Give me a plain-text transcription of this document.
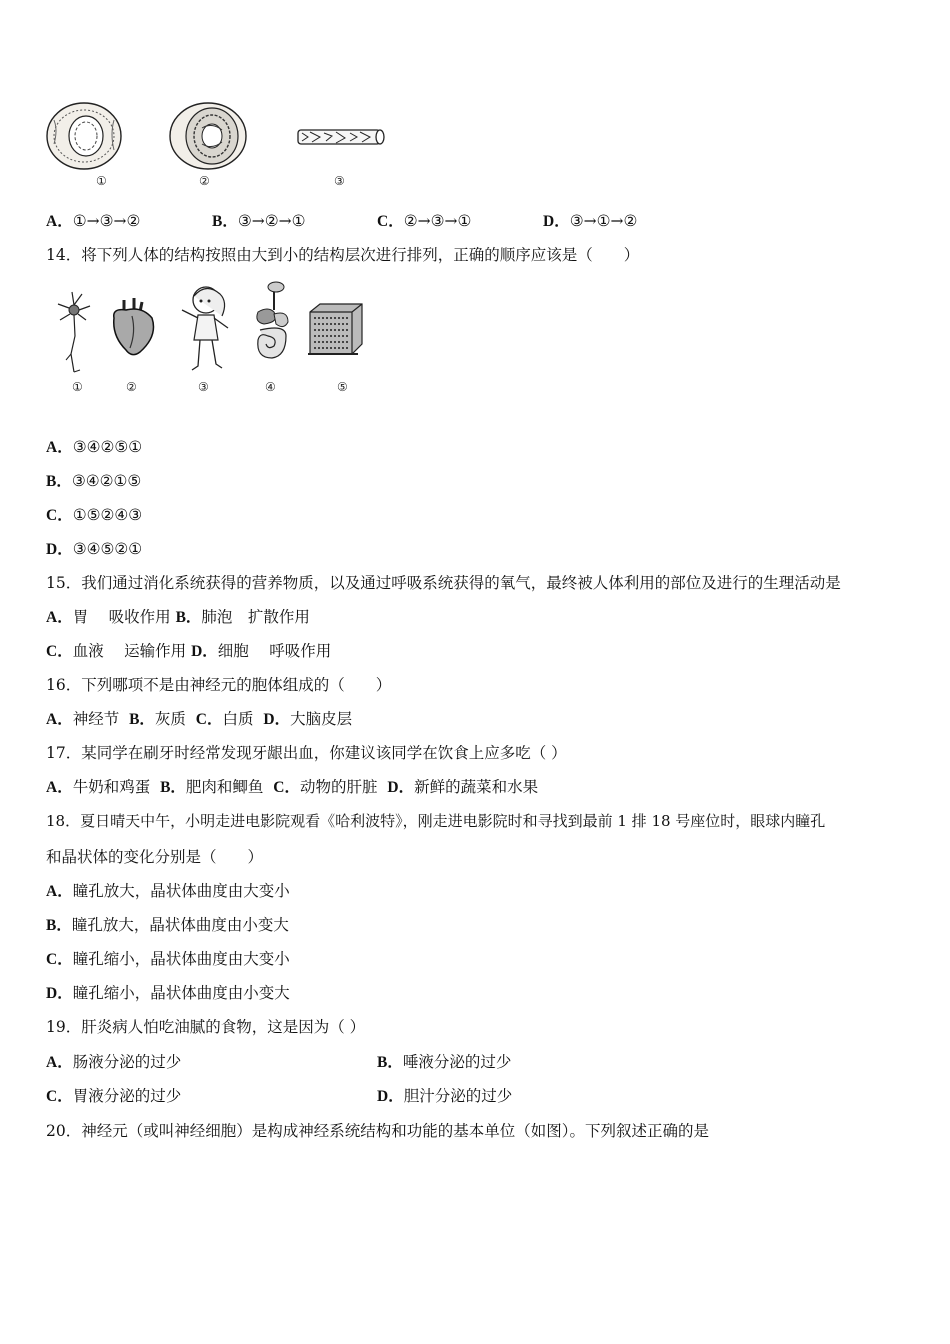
①	②	③
A．①→③→②	B．③→②→①	C．②→③→①	D．③→①→②
14．将下列人体的结构按照由大到小的结构层次进行排列，正确的顺序应该是（　　）
①	②	③	④	⑤
A．③④②⑤①
B．③④②①⑤
C．①⑤②④③
D．③④⑤②①
15．我们通过消化系统获得的营养物质，以及通过呼吸系统获得的氧气，最终被人体利用的部位及进行的生理活动是
A．胃　 吸收作用 B．肺泡　扩散作用
C．血液　 运输作用 D．细胞　 呼吸作用
16．下列哪项不是由神经元的胞体组成的（　　）
A．神经节 B．灰质 C．白质 D．大脑皮层
17．某同学在刷牙时经常发现牙龈出血，你建议该同学在饮食上应多吃（ ）
A．牛奶和鸡蛋 B．肥肉和鲫鱼 C．动物的肝脏 D．新鲜的蔬菜和水果
18．夏日晴天中午，小明走进电影院观看《哈利波特》，刚走进电影院时和寻找到最前 1 排 18 号座位时，眼球内瞳孔
和晶状体的变化分别是（　　）
A．瞳孔放大，晶状体曲度由大变小
B．瞳孔放大，晶状体曲度由小变大
C．瞳孔缩小，晶状体曲度由大变小
D．瞳孔缩小，晶状体曲度由小变大
19．肝炎病人怕吃油腻的食物，这是因为（ ）
A．肠液分泌的过少	B．唾液分泌的过少
C．胃液分泌的过少	D．胆汁分泌的过少
20．神经元（或叫神经细胞）是构成神经系统结构和功能的基本单位（如图）。下列叙述正确的是
